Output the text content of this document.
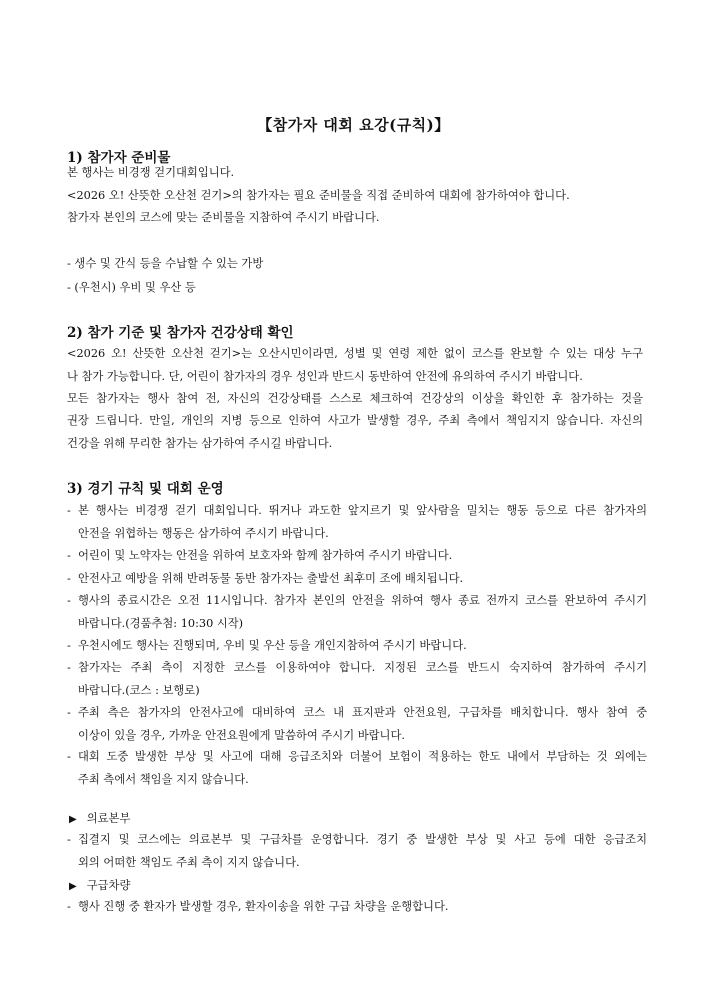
【참가자 대회 요강(규칙)】
1) 참가자 준비물
본 행사는 비경쟁 걷기대회입니다.
<2026 오! 산뜻한 오산천 걷기>의 참가자는 필요 준비물을 직접 준비하여 대회에 참가하여야 합니다.
참가자 본인의 코스에 맞는 준비물을 지참하여 주시기 바랍니다.
- 생수 및 간식 등을 수납할 수 있는 가방
- (우천시) 우비 및 우산 등
2) 참가 기준 및 참가자 건강상태 확인
<2026 오! 산뜻한 오산천 걷기>는 오산시민이라면, 성별 및 연령 제한 없이 코스를 완보할 수 있는 대상 누구
나 참가 가능합니다. 단, 어린이 참가자의 경우 성인과 반드시 동반하여 안전에 유의하여 주시기 바랍니다.
모든 참가자는 행사 참여 전, 자신의 건강상태를 스스로 체크하여 건강상의 이상을 확인한 후 참가하는 것을
권장 드립니다. 만일, 개인의 지병 등으로 인하여 사고가 발생할 경우, 주최 측에서 책임지지 않습니다. 자신의
건강을 위해 무리한 참가는 삼가하여 주시길 바랍니다.
3) 경기 규칙 및 대회 운영
- 본 행사는 비경쟁 걷기 대회입니다. 뛰거나 과도한 앞지르기 및 앞사람을 밀치는 행동 등으로 다른 참가자의
안전을 위협하는 행동은 삼가하여 주시기 바랍니다.
- 어린이 및 노약자는 안전을 위하여 보호자와 함께 참가하여 주시기 바랍니다.
- 안전사고 예방을 위해 반려동물 동반 참가자는 출발선 최후미 조에 배치됩니다.
- 행사의 종료시간은 오전 11시입니다. 참가자 본인의 안전을 위하여 행사 종료 전까지 코스를 완보하여 주시기
바랍니다.(경품추첨: 10:30 시작)
- 우천시에도 행사는 진행되며, 우비 및 우산 등을 개인지참하여 주시기 바랍니다.
- 참가자는 주최 측이 지정한 코스를 이용하여야 합니다. 지정된 코스를 반드시 숙지하여 참가하여 주시기
바랍니다.(코스 : 보행로)
- 주최 측은 참가자의 안전사고에 대비하여 코스 내 표지판과 안전요원, 구급차를 배치합니다. 행사 참여 중
이상이 있을 경우, 가까운 안전요원에게 말씀하여 주시기 바랍니다.
- 대회 도중 발생한 부상 및 사고에 대해 응급조치와 더불어 보험이 적용하는 한도 내에서 부담하는 것 외에는
주최 측에서 책임을 지지 않습니다.
▶ 의료본부
- 집결지 및 코스에는 의료본부 및 구급차를 운영합니다. 경기 중 발생한 부상 및 사고 등에 대한 응급조치
외의 어떠한 책임도 주최 측이 지지 않습니다.
▶ 구급차량
- 행사 진행 중 환자가 발생할 경우, 환자이송을 위한 구급 차량을 운행합니다.
